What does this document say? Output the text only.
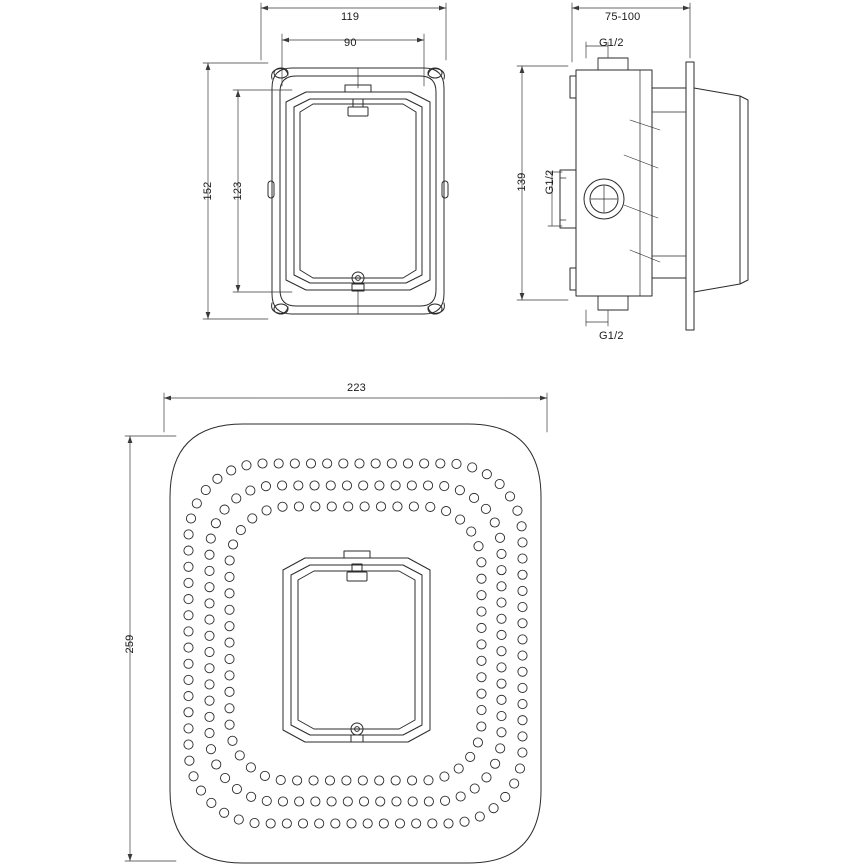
119
90
152 123
75-100
G1/2
139 G1/2
G1/2
223
259
